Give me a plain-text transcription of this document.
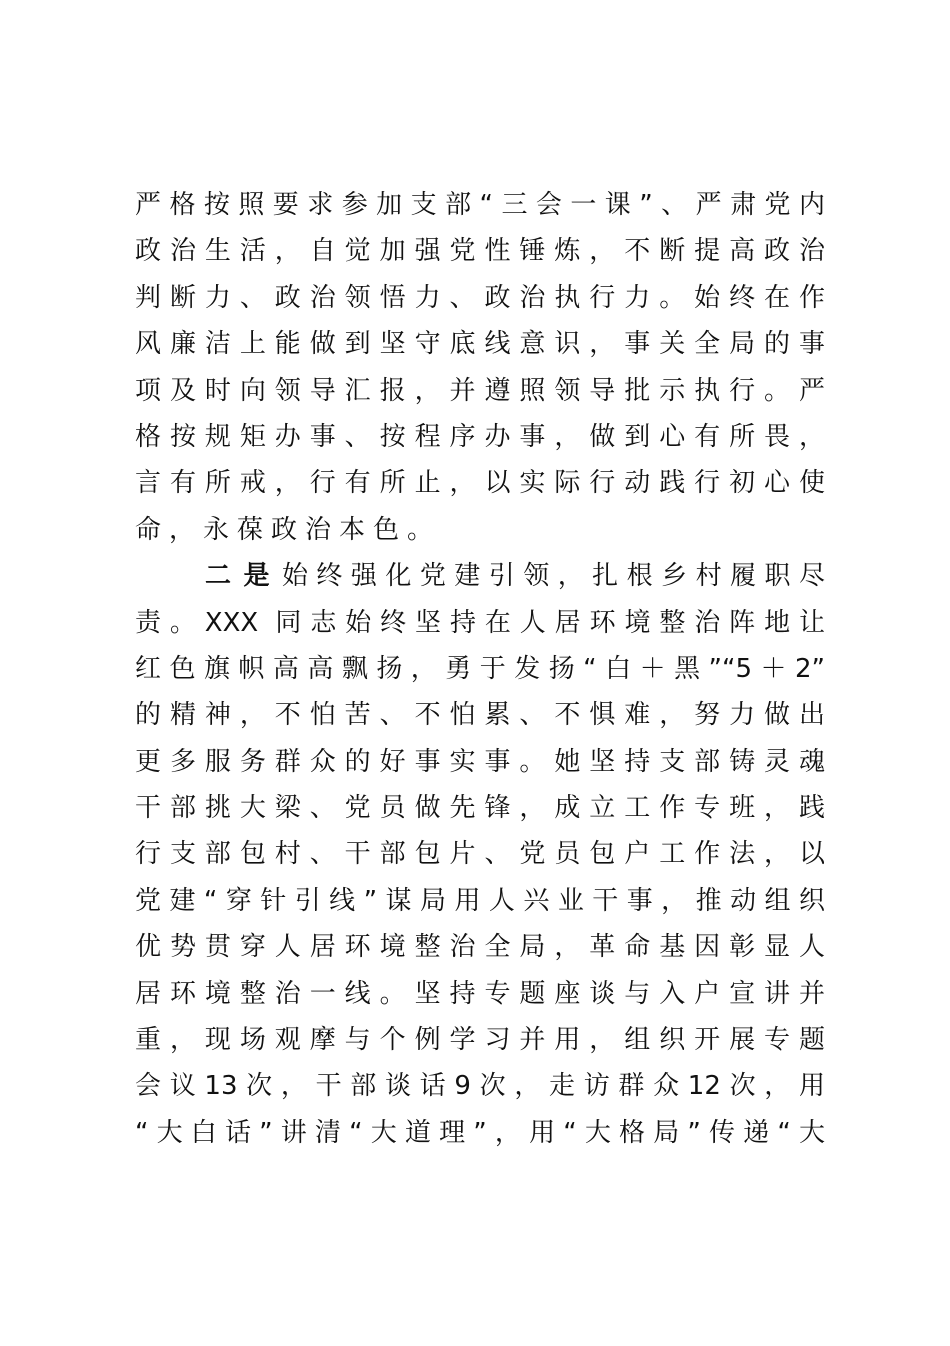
严格按照要求参加支部“三会一课”、严肃党内
政治生活，自觉加强党性锤炼，不断提高政治
判断力、政治领悟力、政治执行力。始终在作
风廉洁上能做到坚守底线意识，事关全局的事
项及时向领导汇报，并遵照领导批示执行。严
格按规矩办事、按程序办事，做到心有所畏，
言有所戒，行有所止，以实际行动践行初心使
命，永葆政治本色。
二是始终强化党建引领，扎根乡村履职尽
责。XXX 同志始终坚持在人居环境整治阵地让
红色旗帜高高飘扬，勇于发扬“白＋黑”“5＋2”
的精神，不怕苦、不怕累、不惧难，努力做出
更多服务群众的好事实事。她坚持支部铸灵魂
干部挑大梁、党员做先锋，成立工作专班，践
行支部包村、干部包片、党员包户工作法，以
党建“穿针引线”谋局用人兴业干事，推动组织
优势贯穿人居环境整治全局，革命基因彰显人
居环境整治一线。坚持专题座谈与入户宣讲并
重，现场观摩与个例学习并用，组织开展专题
会议13次，干部谈话9次，走访群众12次，用
“大白话”讲清“大道理”，用“大格局”传递“大
